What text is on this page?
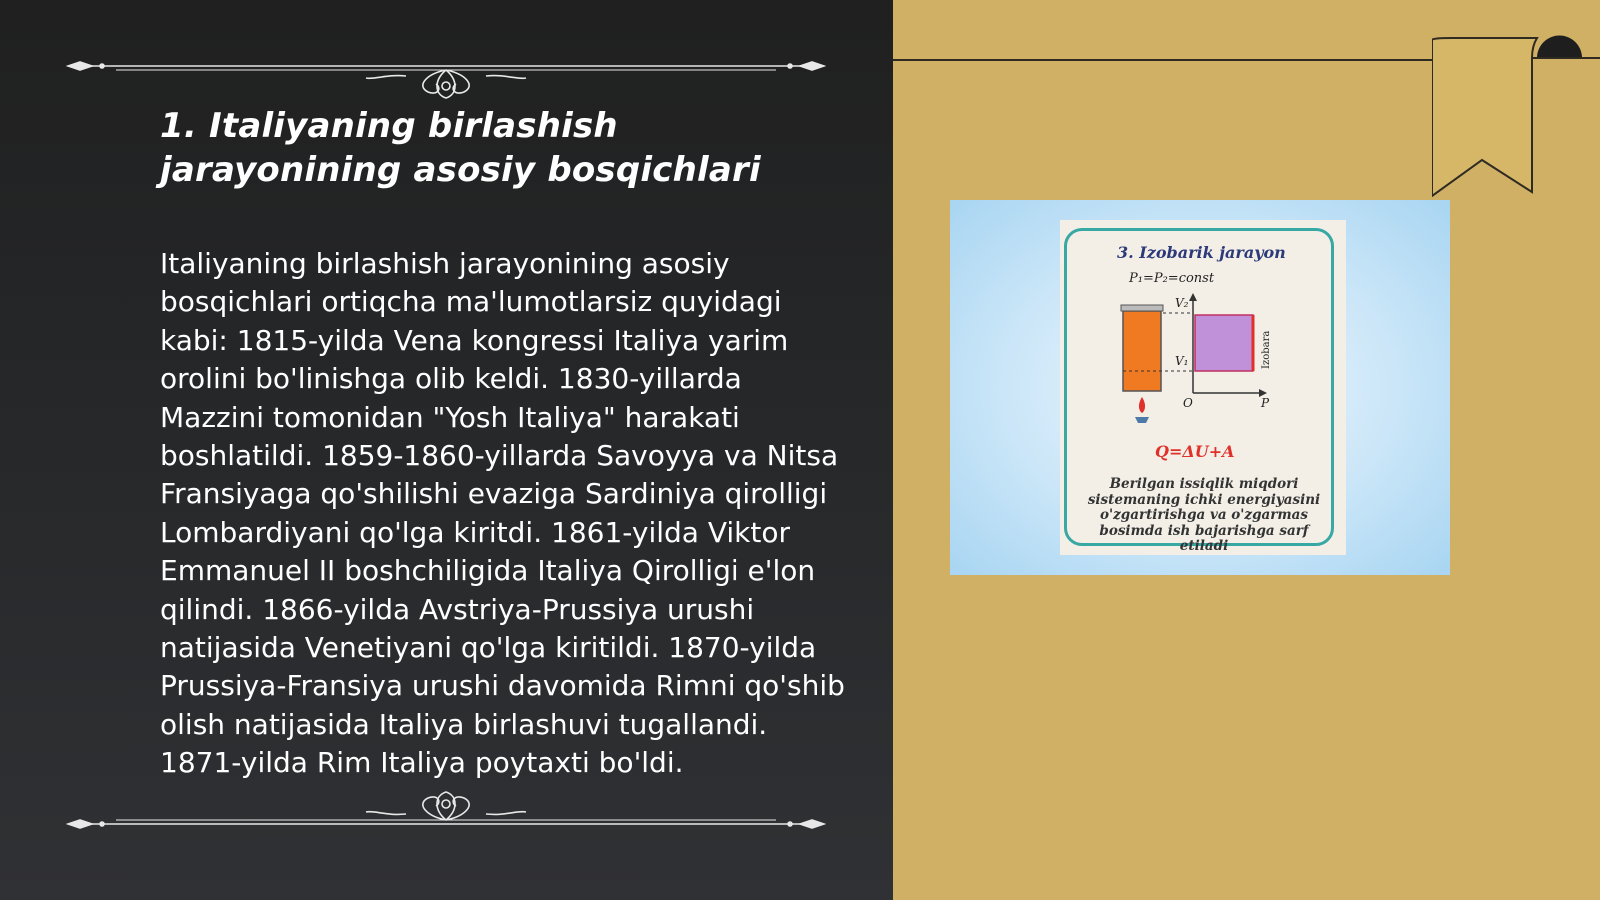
1. Italiyaning birlashish jarayonining asosiy bosqichlari

Italiyaning birlashish jarayonining asosiy bosqichlari ortiqcha ma'lumotlarsiz quyidagi kabi: 1815-yilda Vena kongressi Italiya yarim orolini bo'linishga olib keldi. 1830-yillarda Mazzini tomonidan "Yosh Italiya" harakati boshlatildi. 1859-1860-yillarda Savoyya va Nitsa Fransiyaga qo'shilishi evaziga Sardiniya qirolligi Lombardiyani qo'lga kiritdi. 1861-yilda Viktor Emmanuel II boshchiligida Italiya Qirolligi e'lon qilindi. 1866-yilda Avstriya-Prussiya urushi natijasida Venetiyani qo'lga kiritildi. 1870-yilda Prussiya-Fransiya urushi davomida Rimni qo'shib olish natijasida Italiya birlashuvi tugallandi. 1871-yilda Rim Italiya poytaxti bo'ldi.

3. Izobarik jarayon
P₁=P₂=const
V₂
V₁
O	P
Izobara
Q=ΔU+A
Berilgan issiqlik miqdori sistemaning ichki energiyasini o'zgartirishga va o'zgarmas bosimda ish bajarishga sarf etiladi
